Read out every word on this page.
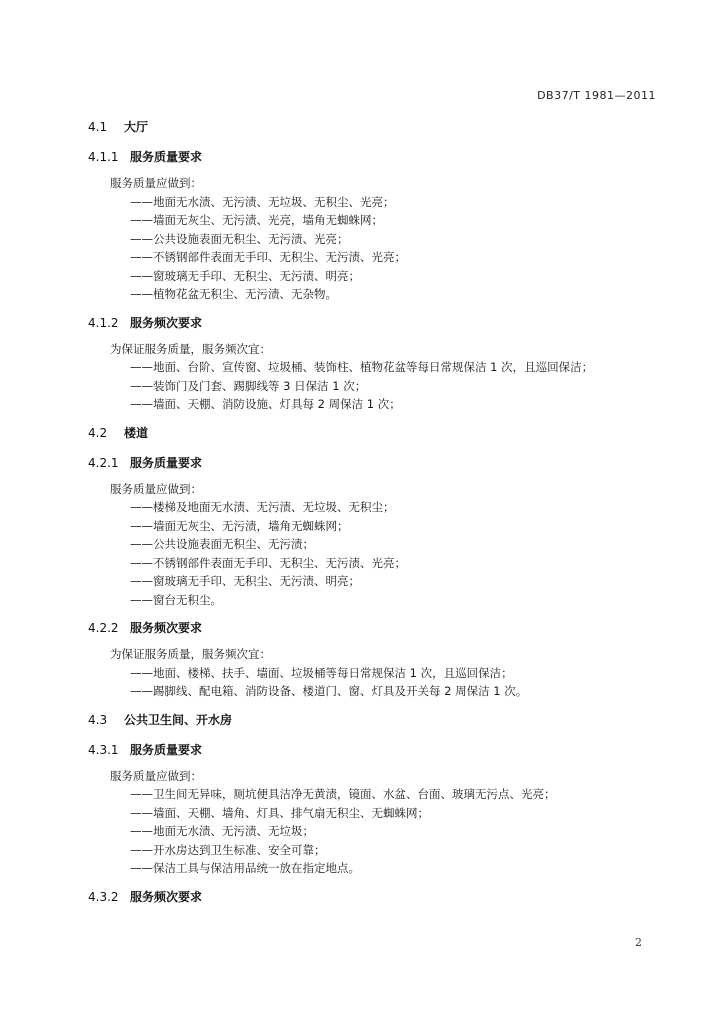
DB37/T 1981—2011
4.1 大厅
4.1.1 服务质量要求
服务质量应做到：
——地面无水渍、无污渍、无垃圾、无积尘、光亮；
——墙面无灰尘、无污渍、光亮，墙角无蜘蛛网；
——公共设施表面无积尘、无污渍、光亮；
——不锈钢部件表面无手印、无积尘、无污渍、光亮；
——窗玻璃无手印、无积尘、无污渍、明亮；
——植物花盆无积尘、无污渍、无杂物。
4.1.2 服务频次要求
为保证服务质量，服务频次宜：
——地面、台阶、宣传窗、垃圾桶、装饰柱、植物花盆等每日常规保洁 1 次，且巡回保洁；
——装饰门及门套、踢脚线等 3 日保洁 1 次；
——墙面、天棚、消防设施、灯具每 2 周保洁 1 次；
4.2 楼道
4.2.1 服务质量要求
服务质量应做到：
——楼梯及地面无水渍、无污渍、无垃圾、无积尘；
——墙面无灰尘、无污渍，墙角无蜘蛛网；
——公共设施表面无积尘、无污渍；
——不锈钢部件表面无手印、无积尘、无污渍、光亮；
——窗玻璃无手印、无积尘、无污渍、明亮；
——窗台无积尘。
4.2.2 服务频次要求
为保证服务质量，服务频次宜：
——地面、楼梯、扶手、墙面、垃圾桶等每日常规保洁 1 次，且巡回保洁；
——踢脚线、配电箱、消防设备、楼道门、窗、灯具及开关每 2 周保洁 1 次。
4.3 公共卫生间、开水房
4.3.1 服务质量要求
服务质量应做到：
——卫生间无异味，厕坑便具洁净无黄渍，镜面、水盆、台面、玻璃无污点、光亮；
——墙面、天棚、墙角、灯具、排气扇无积尘、无蜘蛛网；
——地面无水渍、无污渍、无垃圾；
——开水房达到卫生标准、安全可靠；
——保洁工具与保洁用品统一放在指定地点。
4.3.2 服务频次要求
2
